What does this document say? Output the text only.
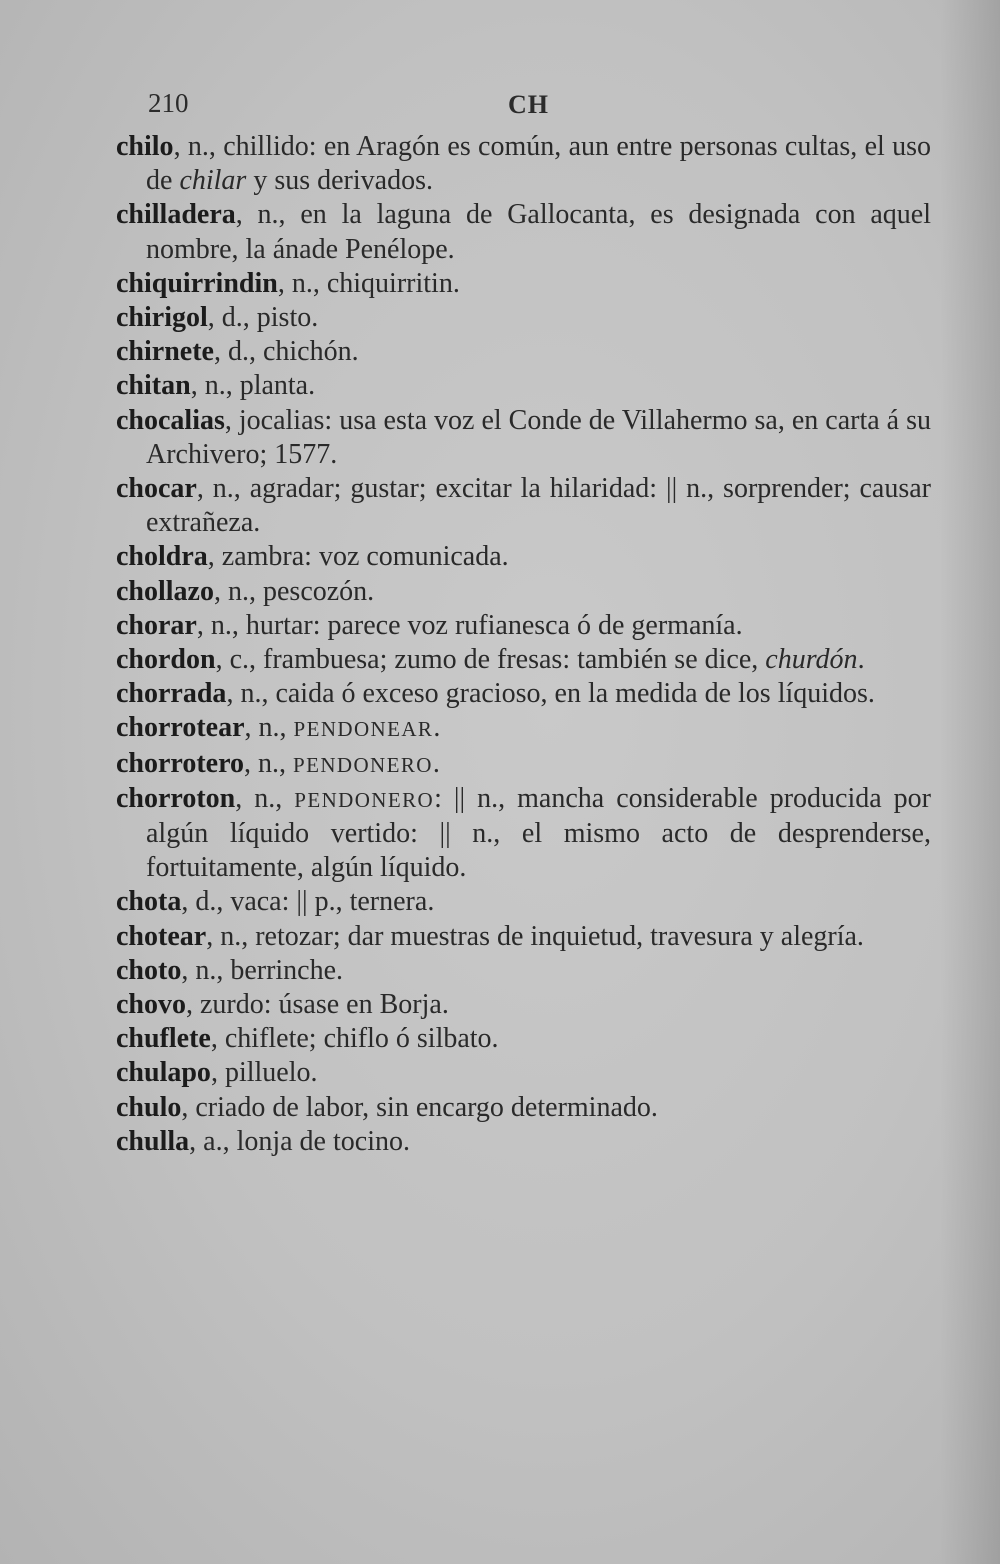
210	CH
chilo, n., chillido: en Aragón es común, aun entre personas cultas, el uso de chilar y sus derivados.
chilladera, n., en la laguna de Gallocanta, es designada con aquel nombre, la ánade Penélope.
chiquirrindin, n., chiquirritin.
chirigol, d., pisto.
chirnete, d., chichón.
chitan, n., planta.
chocalias, jocalias: usa esta voz el Conde de Villahermo sa, en carta á su Archivero; 1577.
chocar, n., agradar; gustar; excitar la hilaridad: || n., sorprender; causar extrañeza.
choldra, zambra: voz comunicada.
chollazo, n., pescozón.
chorar, n., hurtar: parece voz rufianesca ó de germanía.
chordon, c., frambuesa; zumo de fresas: también se dice, churdón.
chorrada, n., caida ó exceso gracioso, en la medida de los líquidos.
chorrotear, n., PENDONEAR.
chorrotero, n., PENDONERO.
chorroton, n., PENDONERO: || n., mancha considerable producida por algún líquido vertido: || n., el mismo acto de desprenderse, fortuitamente, algún líquido.
chota, d., vaca: || p., ternera.
chotear, n., retozar; dar muestras de inquietud, travesura y alegría.
choto, n., berrinche.
chovo, zurdo: úsase en Borja.
chuflete, chiflete; chiflo ó silbato.
chulapo, pilluelo.
chulo, criado de labor, sin encargo determinado.
chulla, a., lonja de tocino.
